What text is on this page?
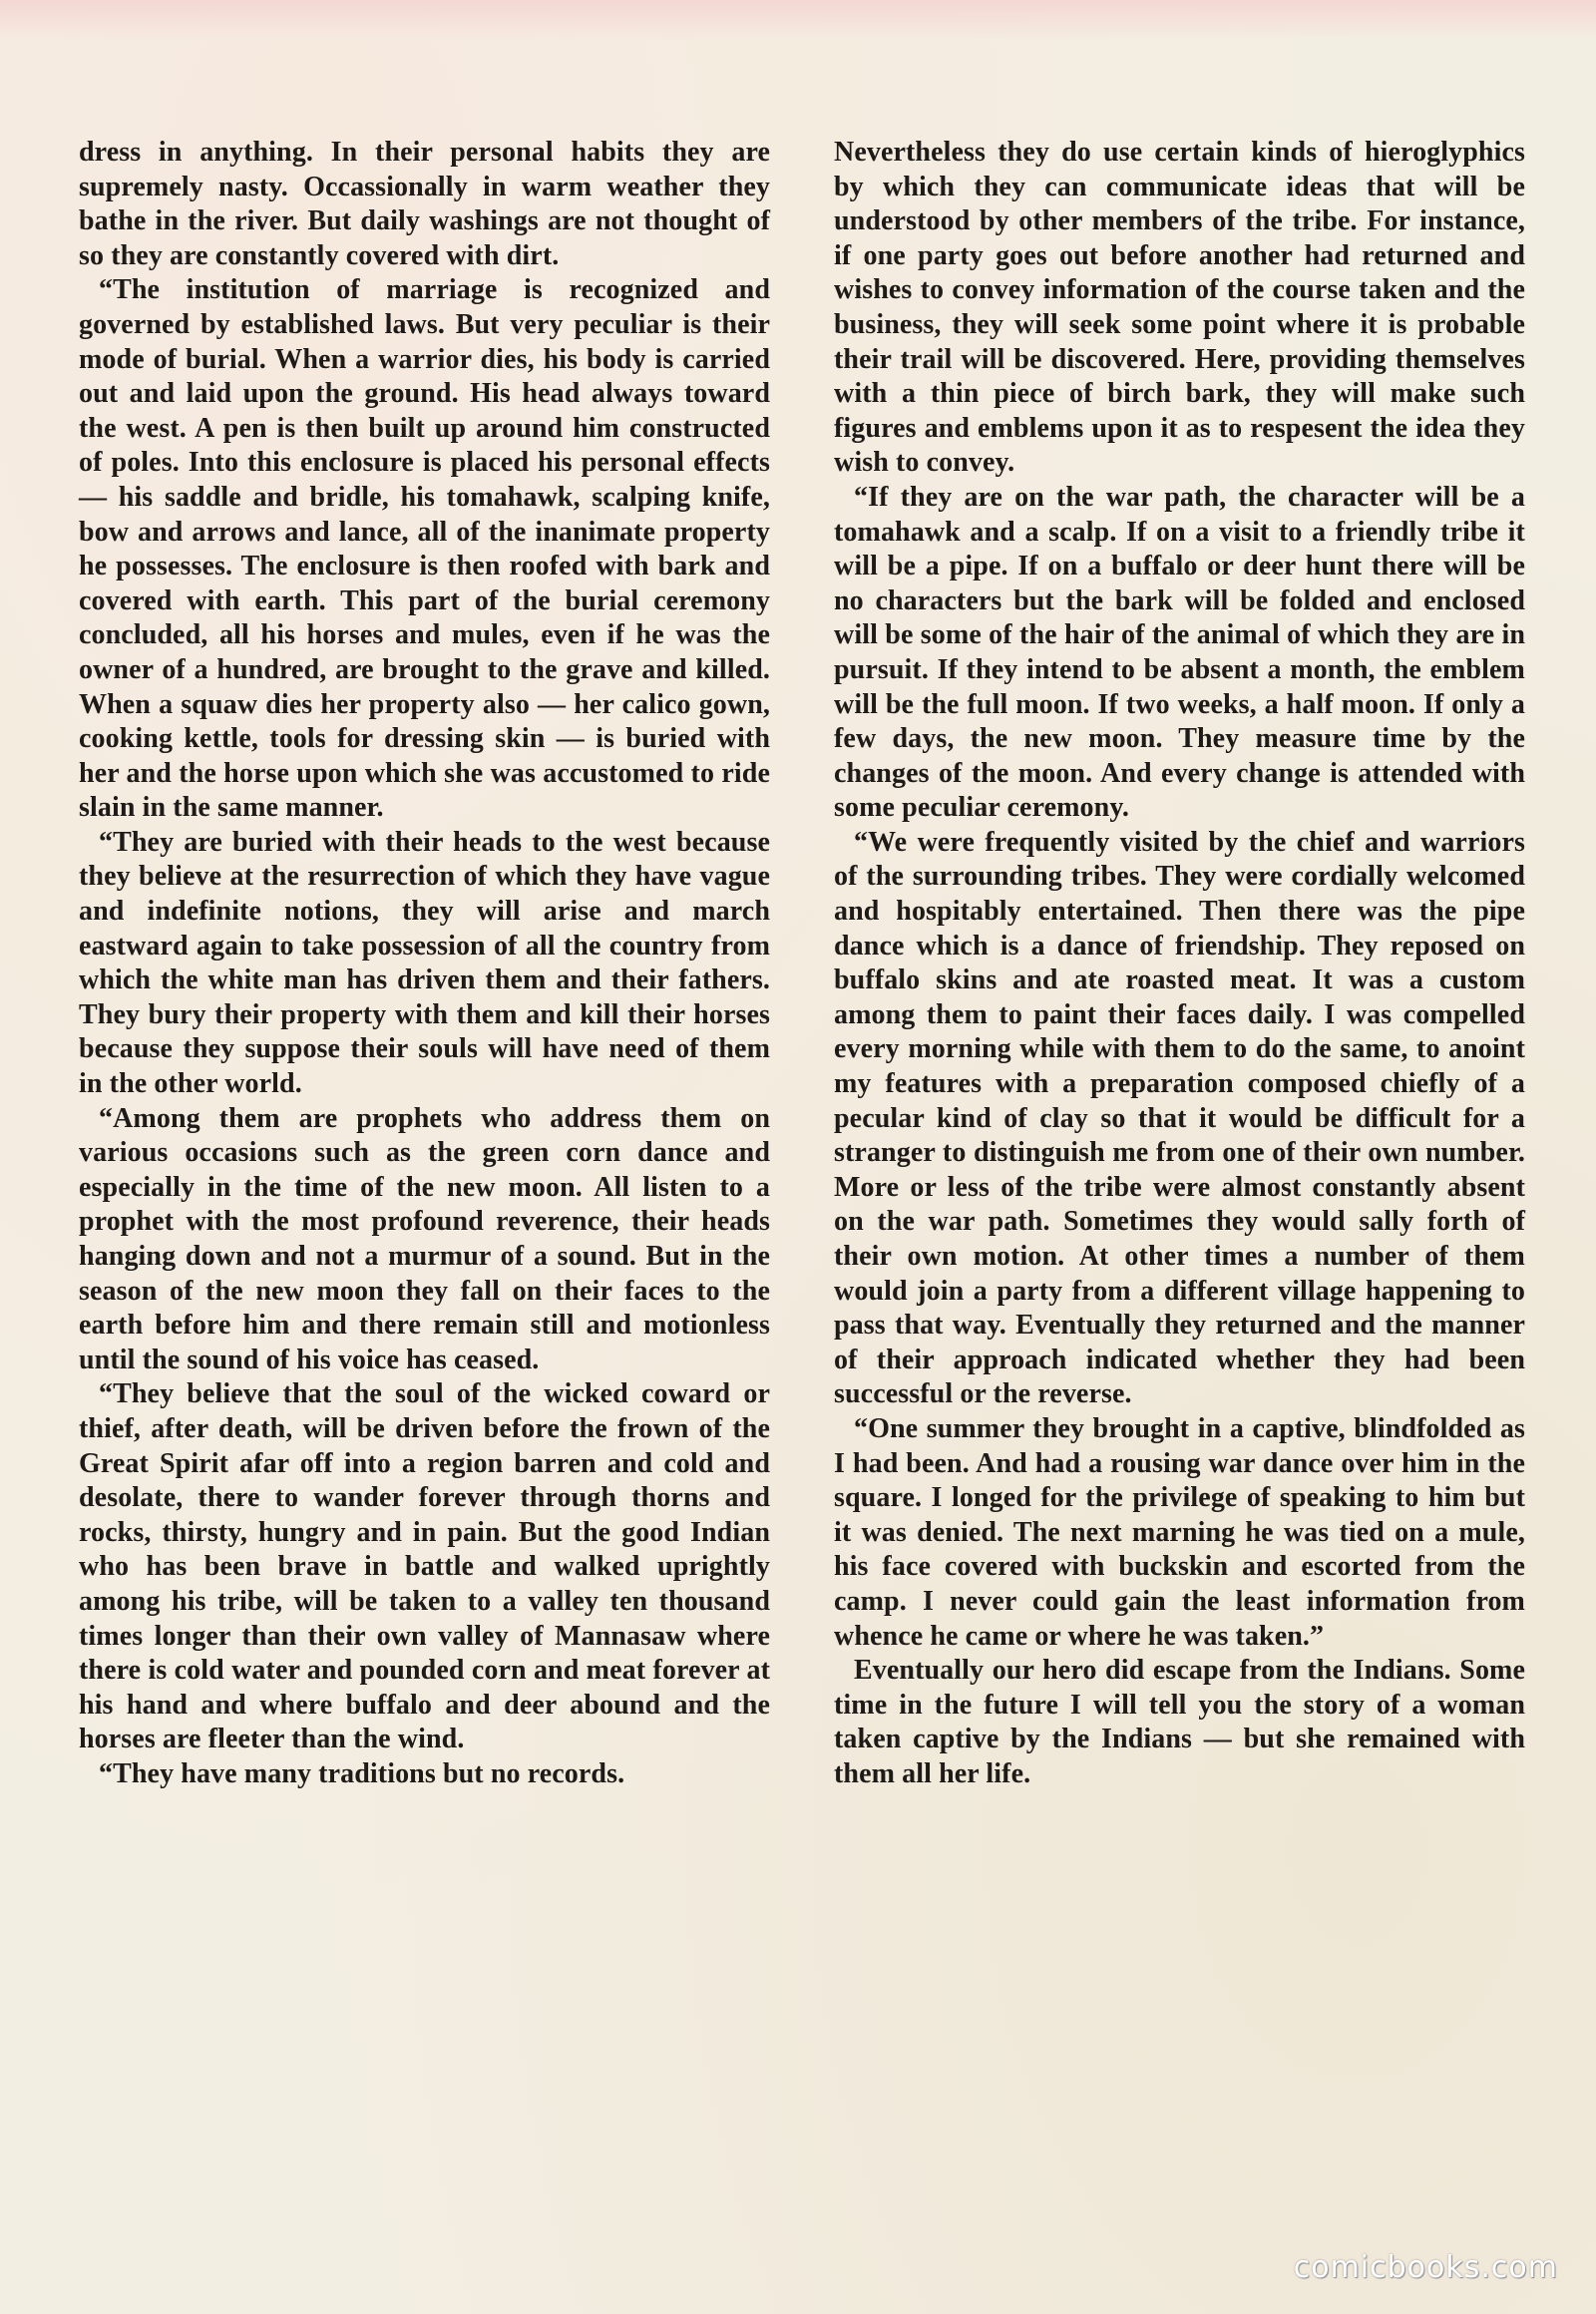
dress in anything. In their personal habits they are supremely nasty. Occassionally in warm weather they bathe in the river. But daily washings are not thought of so they are constantly covered with dirt.

“The institution of marriage is recognized and governed by established laws. But very peculiar is their mode of burial. When a warrior dies, his body is carried out and laid upon the ground. His head always toward the west. A pen is then built up around him constructed of poles. Into this enclosure is placed his personal effects — his saddle and bridle, his tomahawk, scalping knife, bow and arrows and lance, all of the inanimate property he possesses. The enclosure is then roofed with bark and covered with earth. This part of the burial ceremony concluded, all his horses and mules, even if he was the owner of a hundred, are brought to the grave and killed. When a squaw dies her property also — her calico gown, cooking kettle, tools for dressing skin — is buried with her and the horse upon which she was accustomed to ride slain in the same manner.

“They are buried with their heads to the west because they believe at the resurrection of which they have vague and indefinite notions, they will arise and march eastward again to take possession of all the country from which the white man has driven them and their fathers. They bury their property with them and kill their horses because they suppose their souls will have need of them in the other world.

“Among them are prophets who address them on various occasions such as the green corn dance and especially in the time of the new moon. All listen to a prophet with the most profound reverence, their heads hanging down and not a murmur of a sound. But in the season of the new moon they fall on their faces to the earth before him and there remain still and motionless until the sound of his voice has ceased.

“They believe that the soul of the wicked coward or thief, after death, will be driven before the frown of the Great Spirit afar off into a region barren and cold and desolate, there to wander forever through thorns and rocks, thirsty, hungry and in pain. But the good Indian who has been brave in battle and walked uprightly among his tribe, will be taken to a valley ten thousand times longer than their own valley of Mannasaw where there is cold water and pounded corn and meat forever at his hand and where buffalo and deer abound and the horses are fleeter than the wind.

“They have many traditions but no records.

Nevertheless they do use certain kinds of hieroglyphics by which they can communicate ideas that will be understood by other members of the tribe. For instance, if one party goes out before another had returned and wishes to convey information of the course taken and the business, they will seek some point where it is probable their trail will be discovered. Here, providing themselves with a thin piece of birch bark, they will make such figures and emblems upon it as to respesent the idea they wish to convey.

“If they are on the war path, the character will be a tomahawk and a scalp. If on a visit to a friendly tribe it will be a pipe. If on a buffalo or deer hunt there will be no characters but the bark will be folded and enclosed will be some of the hair of the animal of which they are in pursuit. If they intend to be absent a month, the emblem will be the full moon. If two weeks, a half moon. If only a few days, the new moon. They measure time by the changes of the moon. And every change is attended with some peculiar ceremony.

“We were frequently visited by the chief and warriors of the surrounding tribes. They were cordially welcomed and hospitably entertained. Then there was the pipe dance which is a dance of friendship. They reposed on buffalo skins and ate roasted meat. It was a custom among them to paint their faces daily. I was compelled every morning while with them to do the same, to anoint my features with a preparation composed chiefly of a pecular kind of clay so that it would be difficult for a stranger to distinguish me from one of their own number. More or less of the tribe were almost constantly absent on the war path. Sometimes they would sally forth of their own motion. At other times a number of them would join a party from a different village happening to pass that way. Eventually they returned and the manner of their approach indicated whether they had been successful or the reverse.

“One summer they brought in a captive, blindfolded as I had been. And had a rousing war dance over him in the square. I longed for the privilege of speaking to him but it was denied. The next marning he was tied on a mule, his face covered with buckskin and escorted from the camp. I never could gain the least information from whence he came or where he was taken.”

Eventually our hero did escape from the Indians. Some time in the future I will tell you the story of a woman taken captive by the Indians — but she remained with them all her life.

comicbooks.com
